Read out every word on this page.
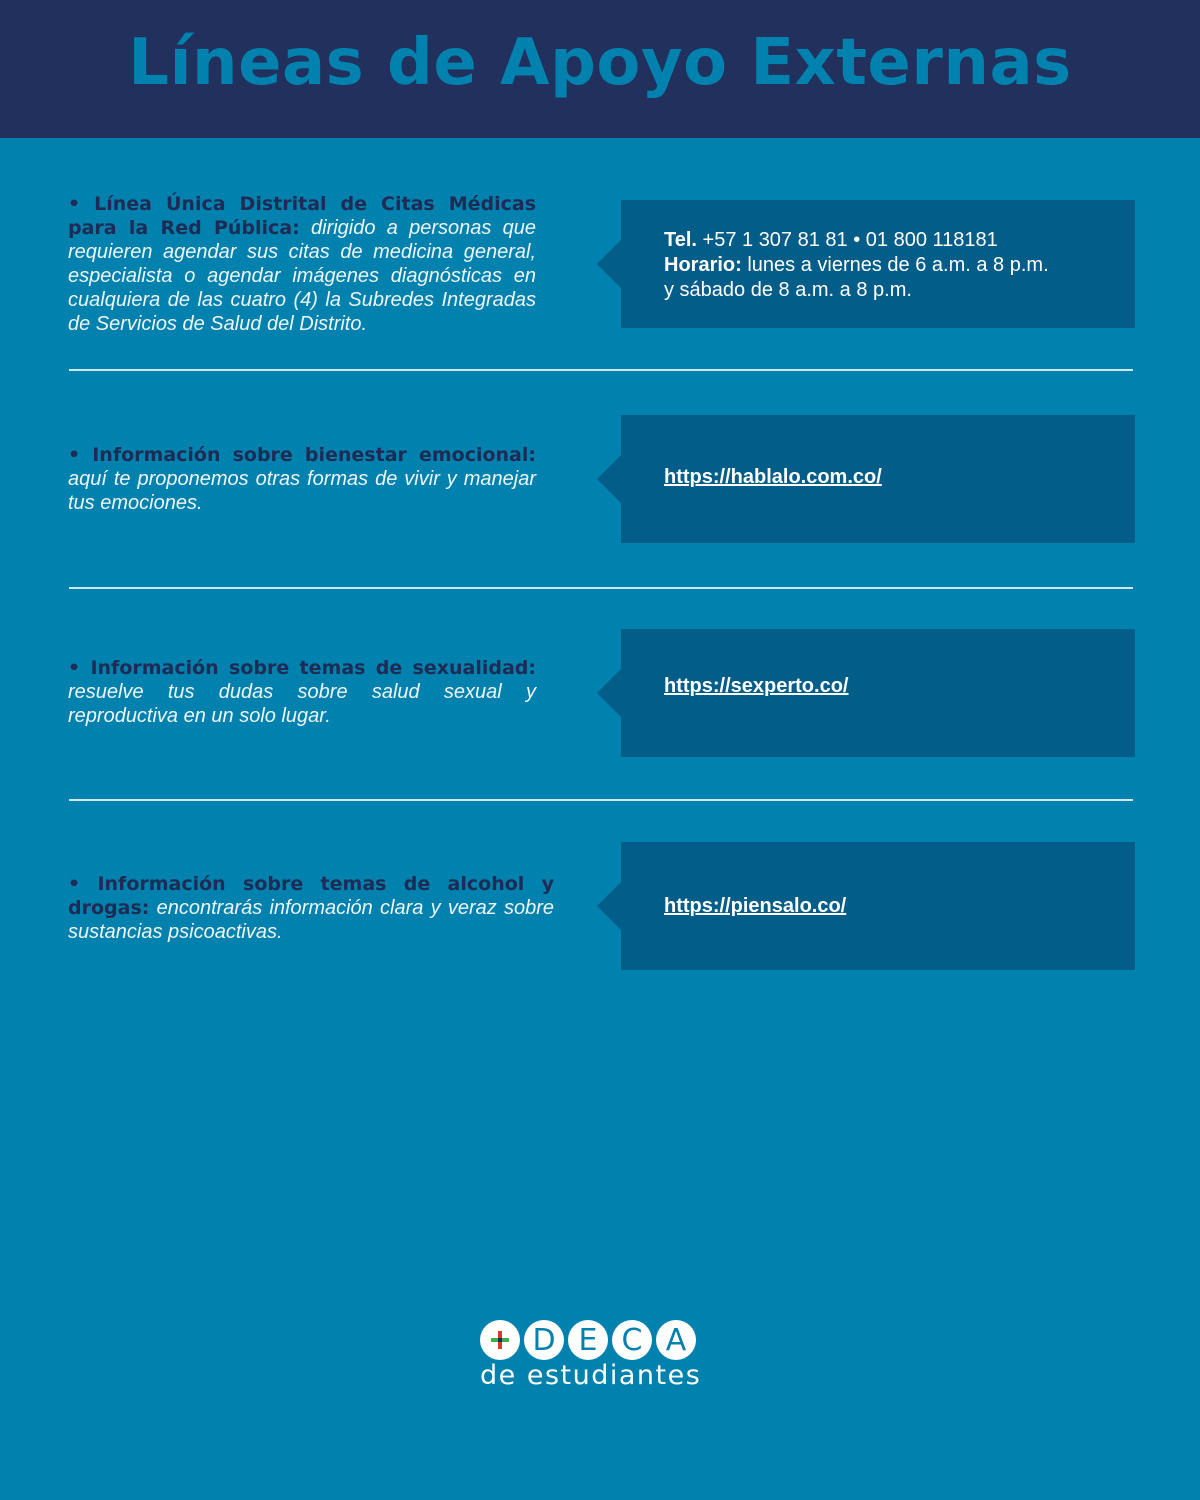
Líneas de Apoyo Externas
• Línea Única Distrital de Citas Médicas para la Red Pública: dirigido a personas que requieren agendar sus citas de medicina general, especialista o agendar imágenes diagnósticas en cualquiera de las cuatro (4) la Subredes Integradas de Servicios de Salud del Distrito.
Tel. +57 1 307 81 81 • 01 800 118181
Horario: lunes a viernes de 6 a.m. a 8 p.m.
y sábado de 8 a.m. a 8 p.m.
• Información sobre bienestar emocional: aquí te proponemos otras formas de vivir y manejar tus emociones.
https://hablalo.com.co/
• Información sobre temas de sexualidad: resuelve tus dudas sobre salud sexual y reproductiva en un solo lugar.
https://sexperto.co/
• Información sobre temas de alcohol y drogas: encontrarás información clara y veraz sobre sustancias psicoactivas.
https://piensalo.co/
D E C A
de estudiantes
